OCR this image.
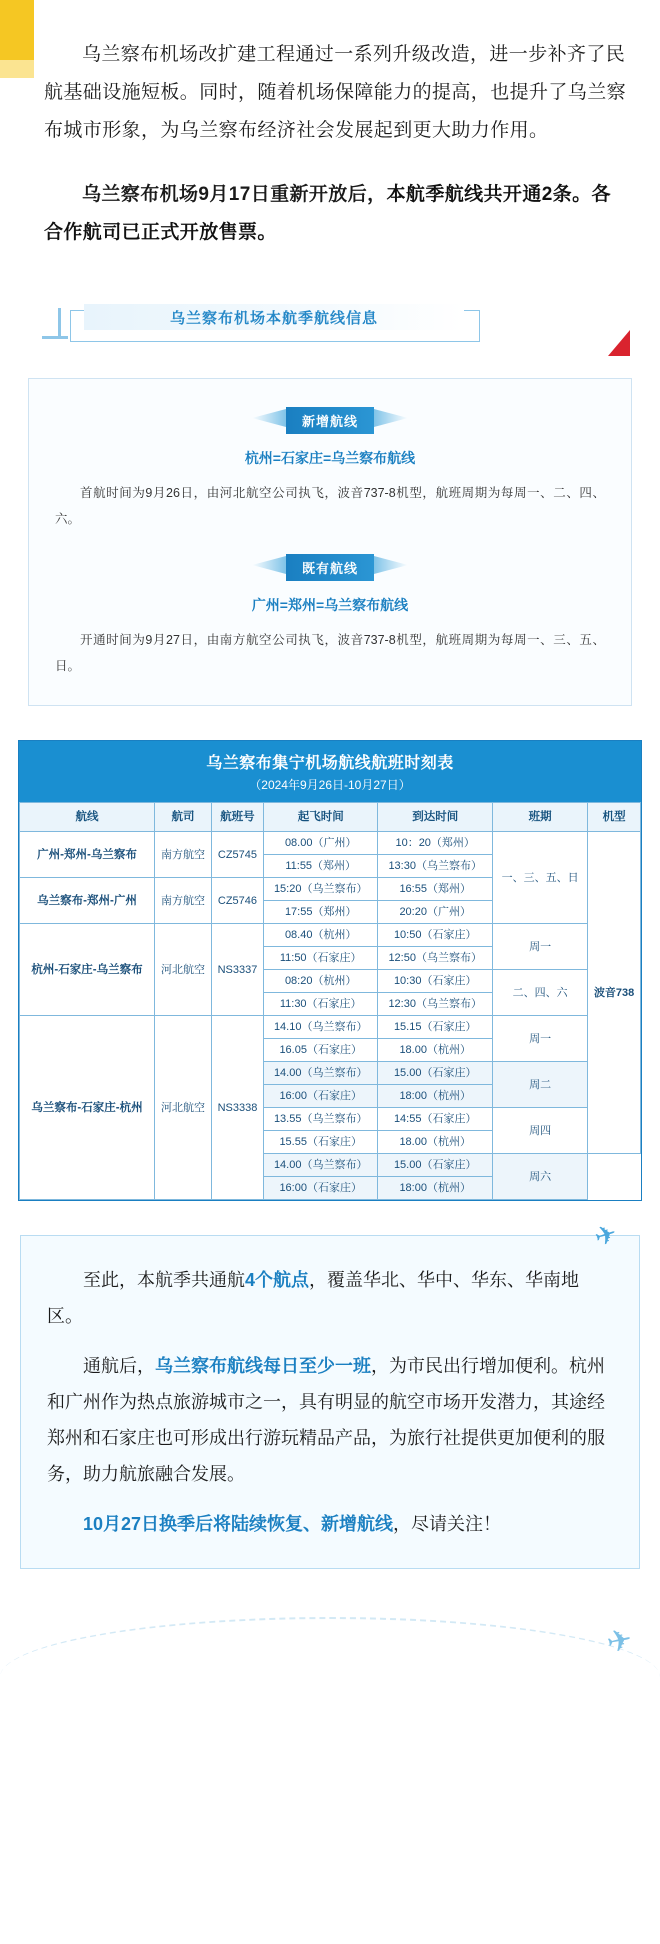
乌兰察布机场改扩建工程通过一系列升级改造，进一步补齐了民航基础设施短板。同时，随着机场保障能力的提高，也提升了乌兰察布城市形象，为乌兰察布经济社会发展起到更大助力作用。

乌兰察布机场9月17日重新开放后，本航季航线共开通2条。各合作航司已正式开放售票。

乌兰察布机场本航季航线信息
新增航线
杭州=石家庄=乌兰察布航线
首航时间为9月26日，由河北航空公司执飞，波音737-8机型，航班周期为每周一、二、四、六。
既有航线
广州=郑州=乌兰察布航线
开通时间为9月27日，由南方航空公司执飞，波音737-8机型，航班周期为每周一、三、五、日。
乌兰察布集宁机场航线航班时刻表
（2024年9月26日-10月27日）
航线	航司	航班号	起飞时间	到达时间	班期	机型
广州-郑州-乌兰察布	南方航空	CZ5745	08.00（广州）	10：20（郑州）	一、三、五、日	波音738
			11:55（郑州）	13:30（乌兰察布）		
乌兰察布-郑州-广州	南方航空	CZ5746	15:20（乌兰察布）	16:55（郑州）		
			17:55（郑州）	20:20（广州）		
杭州-石家庄-乌兰察布	河北航空	NS3337	08.40（杭州）	10:50（石家庄）	周一	
			11:50（石家庄）	12:50（乌兰察布）		
			08:20（杭州）	10:30（石家庄）	二、四、六	
			11:30（石家庄）	12:30（乌兰察布）		
乌兰察布-石家庄-杭州	河北航空	NS3338	14.10（乌兰察布）	15.15（石家庄）	周一	
			16.05（石家庄）	18.00（杭州）		
			14.00（乌兰察布）	15.00（石家庄）	周二	
			16:00（石家庄）	18:00（杭州）		
			13.55（乌兰察布）	14:55（石家庄）	周四	
			15.55（石家庄）	18.00（杭州）		
			14.00（乌兰察布）	15.00（石家庄）	周六	
			16:00（石家庄）	18:00（杭州）		
✈

至此，本航季共通航4个航点，覆盖华北、华中、华东、华南地区。

通航后，乌兰察布航线每日至少一班，为市民出行增加便利。杭州和广州作为热点旅游城市之一，具有明显的航空市场开发潜力，其途经郑州和石家庄也可形成出行游玩精品产品，为旅行社提供更加便利的服务，助力航旅融合发展。

10月27日换季后将陆续恢复、新增航线，尽请关注！

✈
